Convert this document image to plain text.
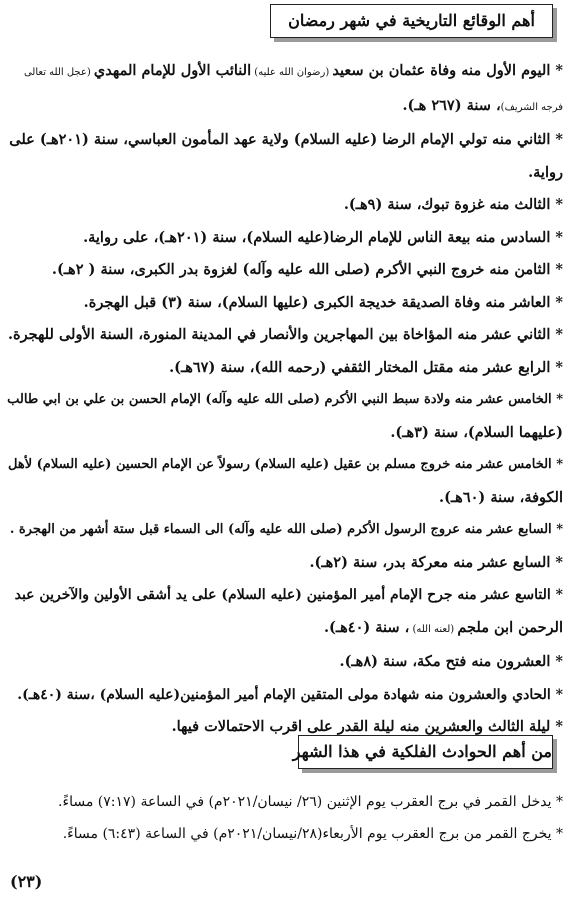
أهم الوقائع التاريخية في شهر رمضان
* اليوم الأول منه وفاة عثمان بن سعيد (رضوان الله عليه) النائب الأول للإمام المهدي (عجل الله تعالى
فرجه الشريف)، سنة (٢٦٧ هـ).
* الثاني منه تولي الإمام الرضا (عليه السلام) ولاية عهد المأمون العباسي، سنة (٢٠١هـ) على
رواية.
* الثالث منه غزوة تبوك، سنة (٩هـ).
* السادس منه بيعة الناس للإمام الرضا(عليه السلام)، سنة (٢٠١هـ)، على رواية.
* الثامن منه خروج النبي الأكرم (صلى الله عليه وآله) لغزوة بدر الكبرى، سنة ( ٢هـ).
* العاشر منه وفاة الصديقة خديجة الكبرى (عليها السلام)، سنة (٣) قبل الهجرة.
* الثاني عشر منه المؤاخاة بين المهاجرين والأنصار في المدينة المنورة، السنة الأولى للهجرة.
* الرابع عشر منه مقتل المختار الثقفي (رحمه الله)، سنة (٦٧هـ).
* الخامس عشر منه ولادة سبط النبي الأكرم (صلى الله عليه وآله) الإمام الحسن بن علي بن ابي طالب
(عليهما السلام)، سنة (٣هـ).
* الخامس عشر منه خروج مسلم بن عقيل (عليه السلام) رسولاً عن الإمام الحسين (عليه السلام) لأهل
الكوفة، سنة (٦٠هـ).
* السابع عشر منه عروج الرسول الأكرم (صلى الله عليه وآله) الى السماء قبل ستة أشهر من الهجرة .
* السابع عشر منه معركة بدر، سنة (٢هـ).
* التاسع عشر منه جرح الإمام أمير المؤمنين (عليه السلام) على يد أشقى الأولين والآخرين عبد
الرحمن ابن ملجم (لعنه الله) ، سنة (٤٠هـ).
* العشرون منه فتح مكة، سنة (٨هـ).
* الحادي والعشرون منه شهادة مولى المتقين الإمام أمير المؤمنين(عليه السلام) ،سنة (٤٠هـ).
* ليلة الثالث والعشرين منه ليلة القدر على اقرب الاحتمالات فيها.
من أهم الحوادث الفلكية في هذا الشهر
* يدخل القمر في برج العقرب يوم الإثنين (٢٦/ نيسان/٢٠٢١م) في الساعة (٧:١٧) مساءً.
* يخرج القمر من برج العقرب يوم الأربعاء(٢٨/نيسان/٢٠٢١م) في الساعة (٦:٤٣) مساءً.
(٢٣)
